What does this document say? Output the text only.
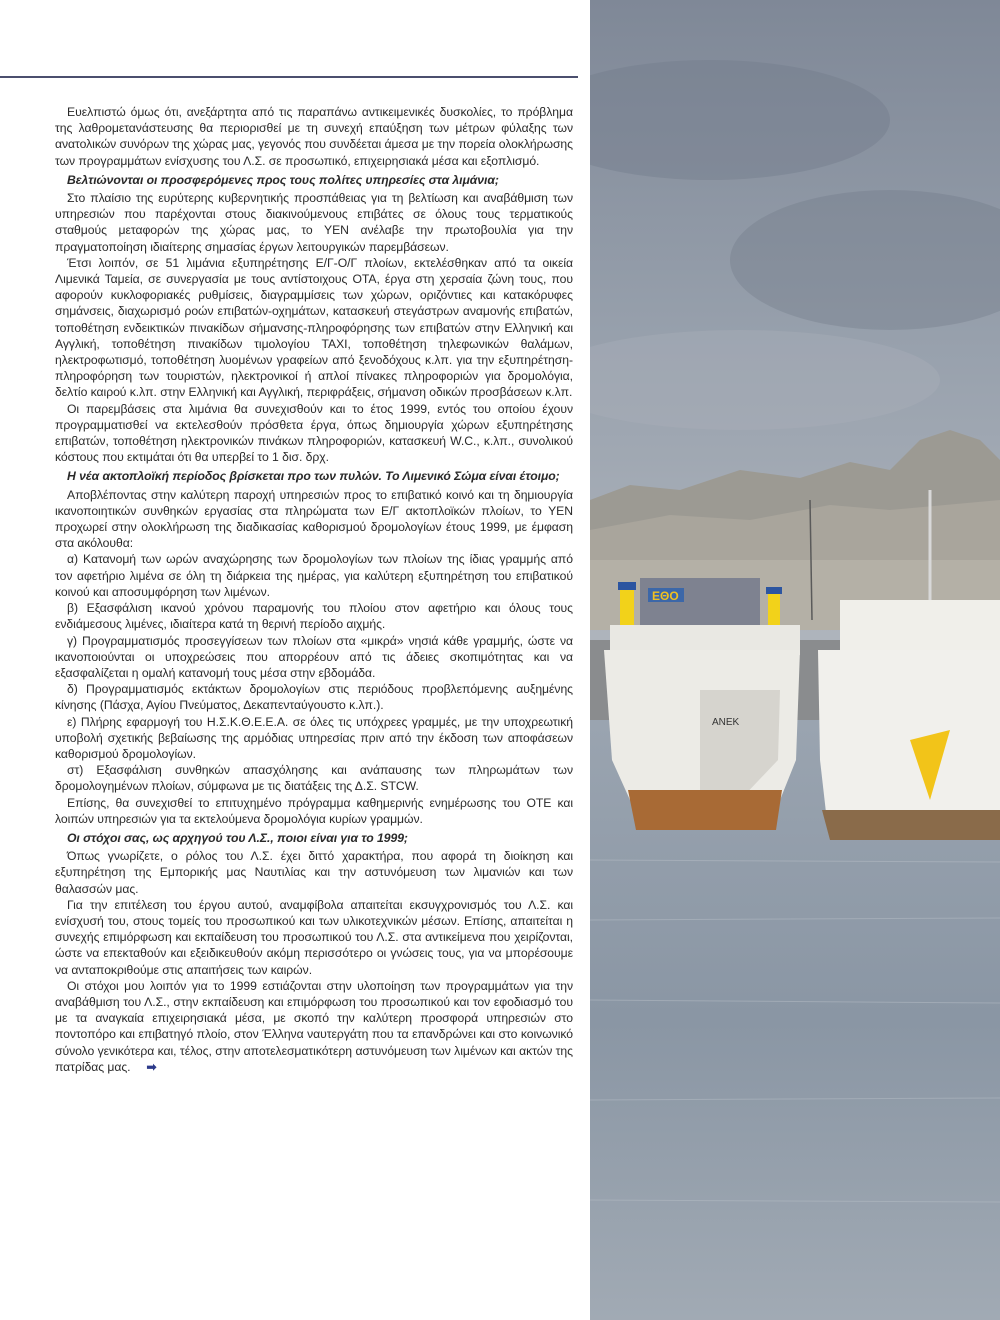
Ευελπιστώ όμως ότι, ανεξάρτητα από τις παραπάνω αντικειμενικές δυσκολίες, το πρόβλημα της λαθρομετανάστευσης θα περιορισθεί με τη συνεχή επαύξηση των μέτρων φύλαξης των ανατολικών συνόρων της χώρας μας, γεγονός που συνδέεται άμεσα με την πορεία ολοκλήρωσης των προγραμμάτων ενίσχυσης του Λ.Σ. σε προσωπικό, επιχειρησιακά μέσα και εξοπλισμό.

Βελτιώνονται οι προσφερόμενες προς τους πολίτες υπηρεσίες στα λιμάνια;

Στο πλαίσιο της ευρύτερης κυβερνητικής προσπάθειας για τη βελτίωση και αναβάθμιση των υπηρεσιών που παρέχονται στους διακινούμενους επιβάτες σε όλους τους τερματικούς σταθμούς μεταφορών της χώρας μας, το ΥΕΝ ανέλαβε την πρωτοβουλία για την πραγματοποίηση ιδιαίτερης σημασίας έργων λειτουργικών παρεμβάσεων.

Έτσι λοιπόν, σε 51 λιμάνια εξυπηρέτησης Ε/Γ-Ο/Γ πλοίων, εκτελέσθηκαν από τα οικεία Λιμενικά Ταμεία, σε συνεργασία με τους αντίστοιχους ΟΤΑ, έργα στη χερσαία ζώνη τους, που αφορούν κυκλοφοριακές ρυθμίσεις, διαγραμμίσεις των χώρων, οριζόντιες και κατακόρυφες σημάνσεις, διαχωρισμό ροών επιβατών-οχημάτων, κατασκευή στεγάστρων αναμονής επιβατών, τοποθέτηση ενδεικτικών πινακίδων σήμανσης-πληροφόρησης των επιβατών στην Ελληνική και Αγγλική, τοποθέτηση πινακίδων τιμολογίου TAXI, τοποθέτηση τηλεφωνικών θαλάμων, ηλεκτροφωτισμό, τοποθέτηση λυομένων γραφείων από ξενοδόχους κ.λπ. για την εξυπηρέτηση-πληροφόρηση των τουριστών, ηλεκτρονικοί ή απλοί πίνακες πληροφοριών για δρομολόγια, δελτίο καιρού κ.λπ. στην Ελληνική και Αγγλική, περιφράξεις, σήμανση οδικών προσβάσεων κ.λπ.

Οι παρεμβάσεις στα λιμάνια θα συνεχισθούν και το έτος 1999, εντός του οποίου έχουν προγραμματισθεί να εκτελεσθούν πρόσθετα έργα, όπως δημιουργία χώρων εξυπηρέτησης επιβατών, τοποθέτηση ηλεκτρονικών πινάκων πληροφοριών, κατασκευή W.C., κ.λπ., συνολικού κόστους που εκτιμάται ότι θα υπερβεί το 1 δισ. δρχ.

Η νέα ακτοπλοϊκή περίοδος βρίσκεται προ των πυλών. Το Λιμενικό Σώμα είναι έτοιμο;

Αποβλέποντας στην καλύτερη παροχή υπηρεσιών προς το επιβατικό κοινό και τη δημιουργία ικανοποιητικών συνθηκών εργασίας στα πληρώματα των Ε/Γ ακτοπλοϊκών πλοίων, το ΥΕΝ προχωρεί στην ολοκλήρωση της διαδικασίας καθορισμού δρομολογίων έτους 1999, με έμφαση στα ακόλουθα:

α) Κατανομή των ωρών αναχώρησης των δρομολογίων των πλοίων της ίδιας γραμμής από τον αφετήριο λιμένα σε όλη τη διάρκεια της ημέρας, για καλύτερη εξυπηρέτηση του επιβατικού κοινού και αποσυμφόρηση των λιμένων.

β) Εξασφάλιση ικανού χρόνου παραμονής του πλοίου στον αφετήριο και όλους τους ενδιάμεσους λιμένες, ιδιαίτερα κατά τη θερινή περίοδο αιχμής.

γ) Προγραμματισμός προσεγγίσεων των πλοίων στα «μικρά» νησιά κάθε γραμμής, ώστε να ικανοποιούνται οι υποχρεώσεις που απορρέουν από τις άδειες σκοπιμότητας και να εξασφαλίζεται η ομαλή κατανομή τους μέσα στην εβδομάδα.

δ) Προγραμματισμός εκτάκτων δρομολογίων στις περιόδους προβλεπόμενης αυξημένης κίνησης (Πάσχα, Αγίου Πνεύματος, Δεκαπενταύγουστο κ.λπ.).

ε) Πλήρης εφαρμογή του Η.Σ.Κ.Θ.Ε.Ε.Α. σε όλες τις υπόχρεες γραμμές, με την υποχρεωτική υποβολή σχετικής βεβαίωσης της αρμόδιας υπηρεσίας πριν από την έκδοση των αποφάσεων καθορισμού δρομολογίων.

στ) Εξασφάλιση συνθηκών απασχόλησης και ανάπαυσης των πληρωμάτων των δρομολογημένων πλοίων, σύμφωνα με τις διατάξεις της Δ.Σ. STCW.

Επίσης, θα συνεχισθεί το επιτυχημένο πρόγραμμα καθημερινής ενημέρωσης του ΟΤΕ και λοιπών υπηρεσιών για τα εκτελούμενα δρομολόγια κυρίων γραμμών.

Οι στόχοι σας, ως αρχηγού του Λ.Σ., ποιοι είναι για το 1999;

Όπως γνωρίζετε, ο ρόλος του Λ.Σ. έχει διττό χαρακτήρα, που αφορά τη διοίκηση και εξυπηρέτηση της Εμπορικής μας Ναυτιλίας και την αστυνόμευση των λιμανιών και των θαλασσών μας.

Για την επιτέλεση του έργου αυτού, αναμφίβολα απαιτείται εκσυγχρονισμός του Λ.Σ. και ενίσχυσή του, στους τομείς του προσωπικού και των υλικοτεχνικών μέσων. Επίσης, απαιτείται η συνεχής επιμόρφωση και εκπαίδευση του προσωπικού του Λ.Σ. στα αντικείμενα που χειρίζονται, ώστε να επεκταθούν και εξειδικευθούν ακόμη περισσότερο οι γνώσεις τους, για να μπορέσουμε να ανταποκριθούμε στις απαιτήσεις των καιρών.

Οι στόχοι μου λοιπόν για το 1999 εστιάζονται στην υλοποίηση των προγραμμάτων για την αναβάθμιση του Λ.Σ., στην εκπαίδευση και επιμόρφωση του προσωπικού και τον εφοδιασμό του με τα αναγκαία επιχειρησιακά μέσα, με σκοπό την καλύτερη προσφορά υπηρεσιών στο ποντοπόρο και επιβατηγό πλοίο, στον Έλληνα ναυτεργάτη που τα επανδρώνει και στο κοινωνικό σύνολο γενικότερα και, τέλος, στην αποτελεσματικότερη αστυνόμευση των λιμένων και ακτών της πατρίδας μας. ➡

ΕΘΟ
ΑΝΕΚ
